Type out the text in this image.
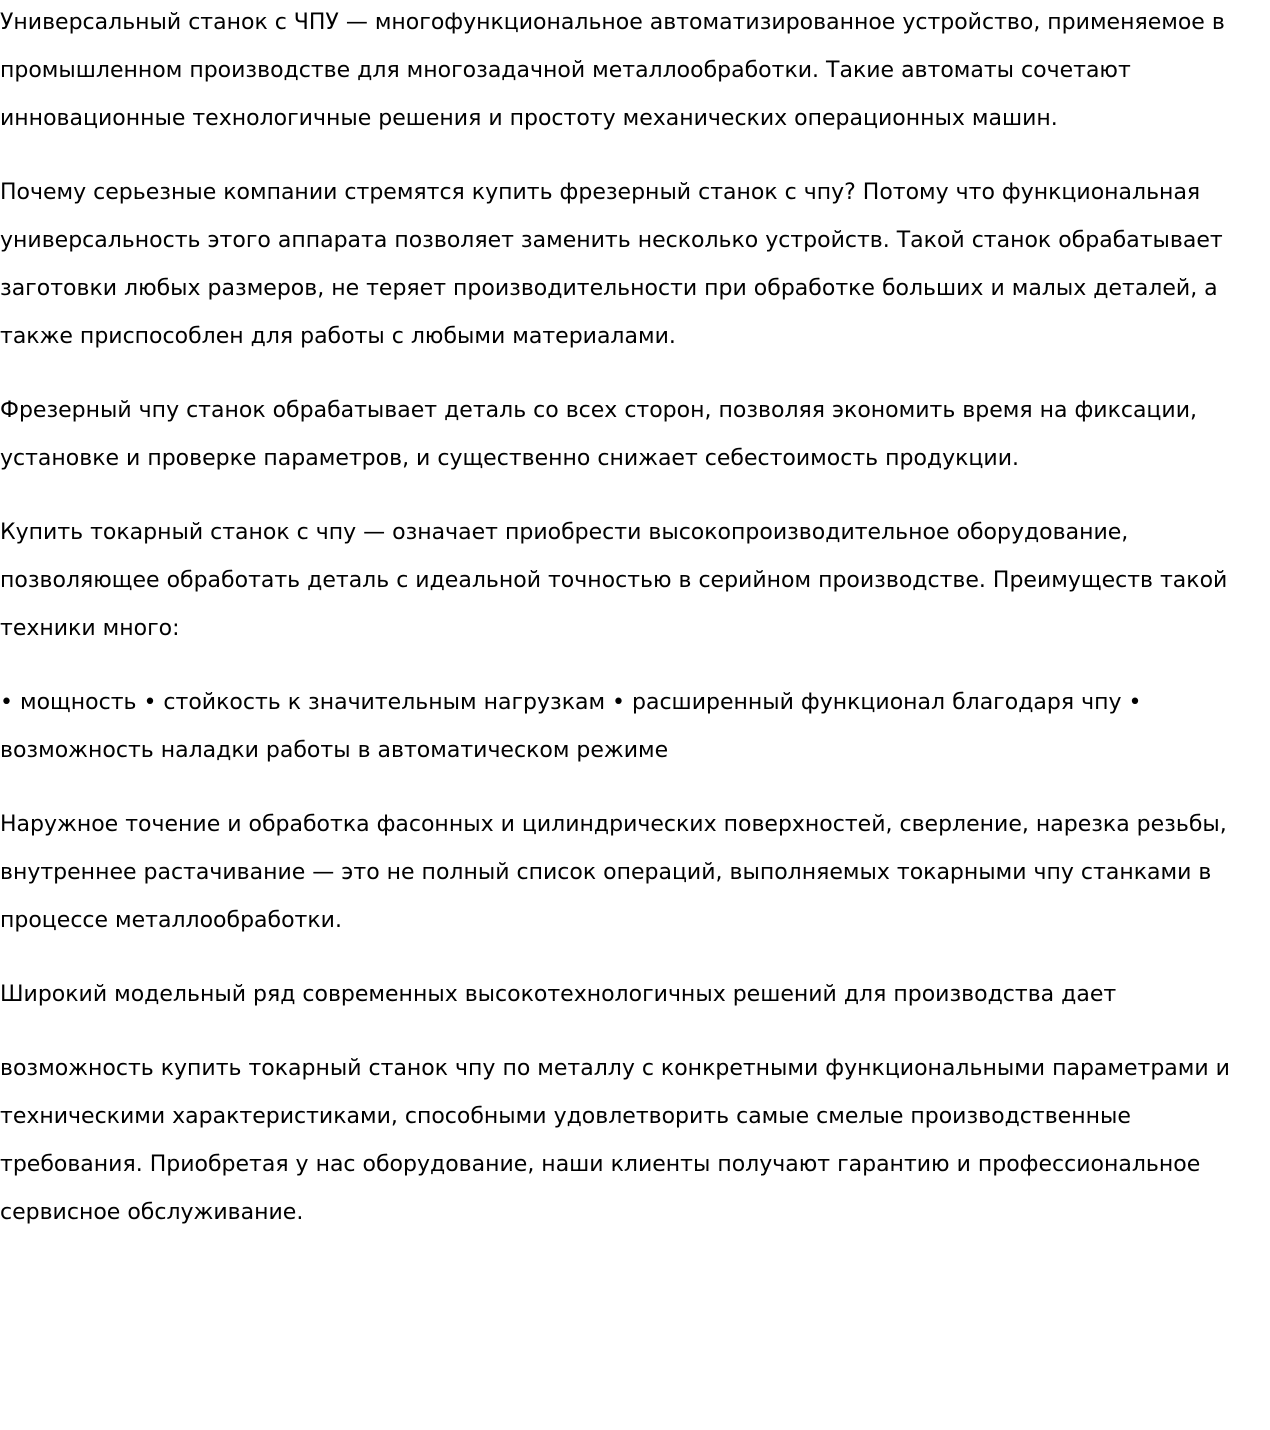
Универсальный станок с ЧПУ — многофункциональное автоматизированное устройство, применяемое в промышленном производстве для многозадачной металлообработки. Такие автоматы сочетают инновационные технологичные решения и простоту механических операционных машин.

Почему серьезные компании стремятся купить фрезерный станок с чпу? Потому что функциональная универсальность этого аппарата позволяет заменить несколько устройств. Такой станок обрабатывает заготовки любых размеров, не теряет производительности при обработке больших и малых деталей, а также приспособлен для работы с любыми материалами.

Фрезерный чпу станок обрабатывает деталь со всех сторон, позволяя экономить время на фиксации, установке и проверке параметров, и существенно снижает себестоимость продукции.

Купить токарный станок с чпу — означает приобрести высокопроизводительное оборудование, позволяющее обработать деталь с идеальной точностью в серийном производстве. Преимуществ такой техники много:

• мощность • стойкость к значительным нагрузкам • расширенный функционал благодаря чпу • возможность наладки работы в автоматическом режиме

Наружное точение и обработка фасонных и цилиндрических поверхностей, сверление, нарезка резьбы, внутреннее растачивание — это не полный список операций, выполняемых токарными чпу станками в процессе металлообработки.

Широкий модельный ряд современных высокотехнологичных решений для производства дает

возможность купить токарный станок чпу по металлу с конкретными функциональными параметрами и техническими характеристиками, способными удовлетворить самые смелые производственные требования. Приобретая у нас оборудование, наши клиенты получают гарантию и профессиональное сервисное обслуживание.
